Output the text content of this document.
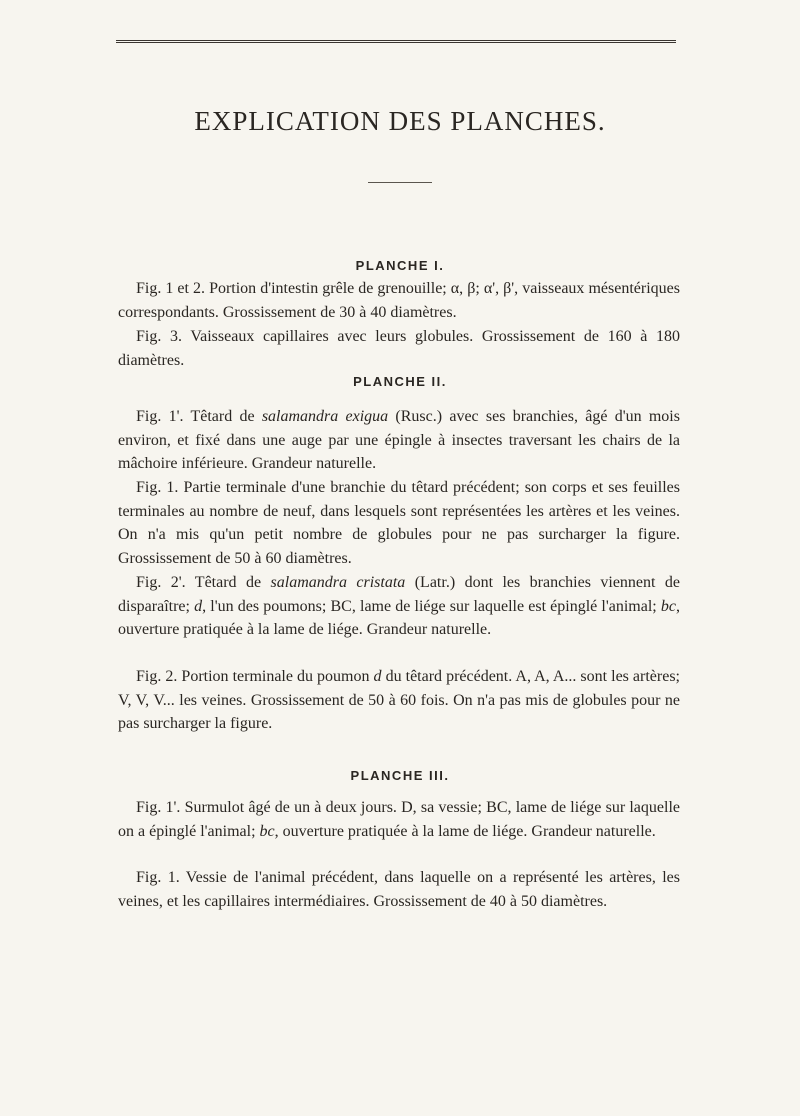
EXPLICATION DES PLANCHES.
PLANCHE I.

Fig. 1 et 2. Portion d'intestin grêle de grenouille; α, β; α', β', vaisseaux mésentériques correspondants. Grossissement de 30 à 40 diamètres.

Fig. 3. Vaisseaux capillaires avec leurs globules. Grossissement de 160 à 180 diamètres.

PLANCHE II.

Fig. 1'. Têtard de salamandra exigua (Rusc.) avec ses branchies, âgé d'un mois environ, et fixé dans une auge par une épingle à insectes traversant les chairs de la mâchoire inférieure. Grandeur naturelle.

Fig. 1. Partie terminale d'une branchie du têtard précédent; son corps et ses feuilles terminales au nombre de neuf, dans lesquels sont représentées les artères et les veines. On n'a mis qu'un petit nombre de globules pour ne pas surcharger la figure. Grossissement de 50 à 60 diamètres.

Fig. 2'. Têtard de salamandra cristata (Latr.) dont les branchies viennent de disparaître; d, l'un des poumons; BC, lame de liége sur laquelle est épinglé l'animal; bc, ouverture pratiquée à la lame de liége. Grandeur naturelle.

Fig. 2. Portion terminale du poumon d du têtard précédent. A, A, A... sont les artères; V, V, V... les veines. Grossissement de 50 à 60 fois. On n'a pas mis de globules pour ne pas surcharger la figure.

PLANCHE III.

Fig. 1'. Surmulot âgé de un à deux jours. D, sa vessie; BC, lame de liége sur laquelle on a épinglé l'animal; bc, ouverture pratiquée à la lame de liége. Grandeur naturelle.

Fig. 1. Vessie de l'animal précédent, dans laquelle on a représenté les artères, les veines, et les capillaires intermédiaires. Grossissement de 40 à 50 diamètres.
